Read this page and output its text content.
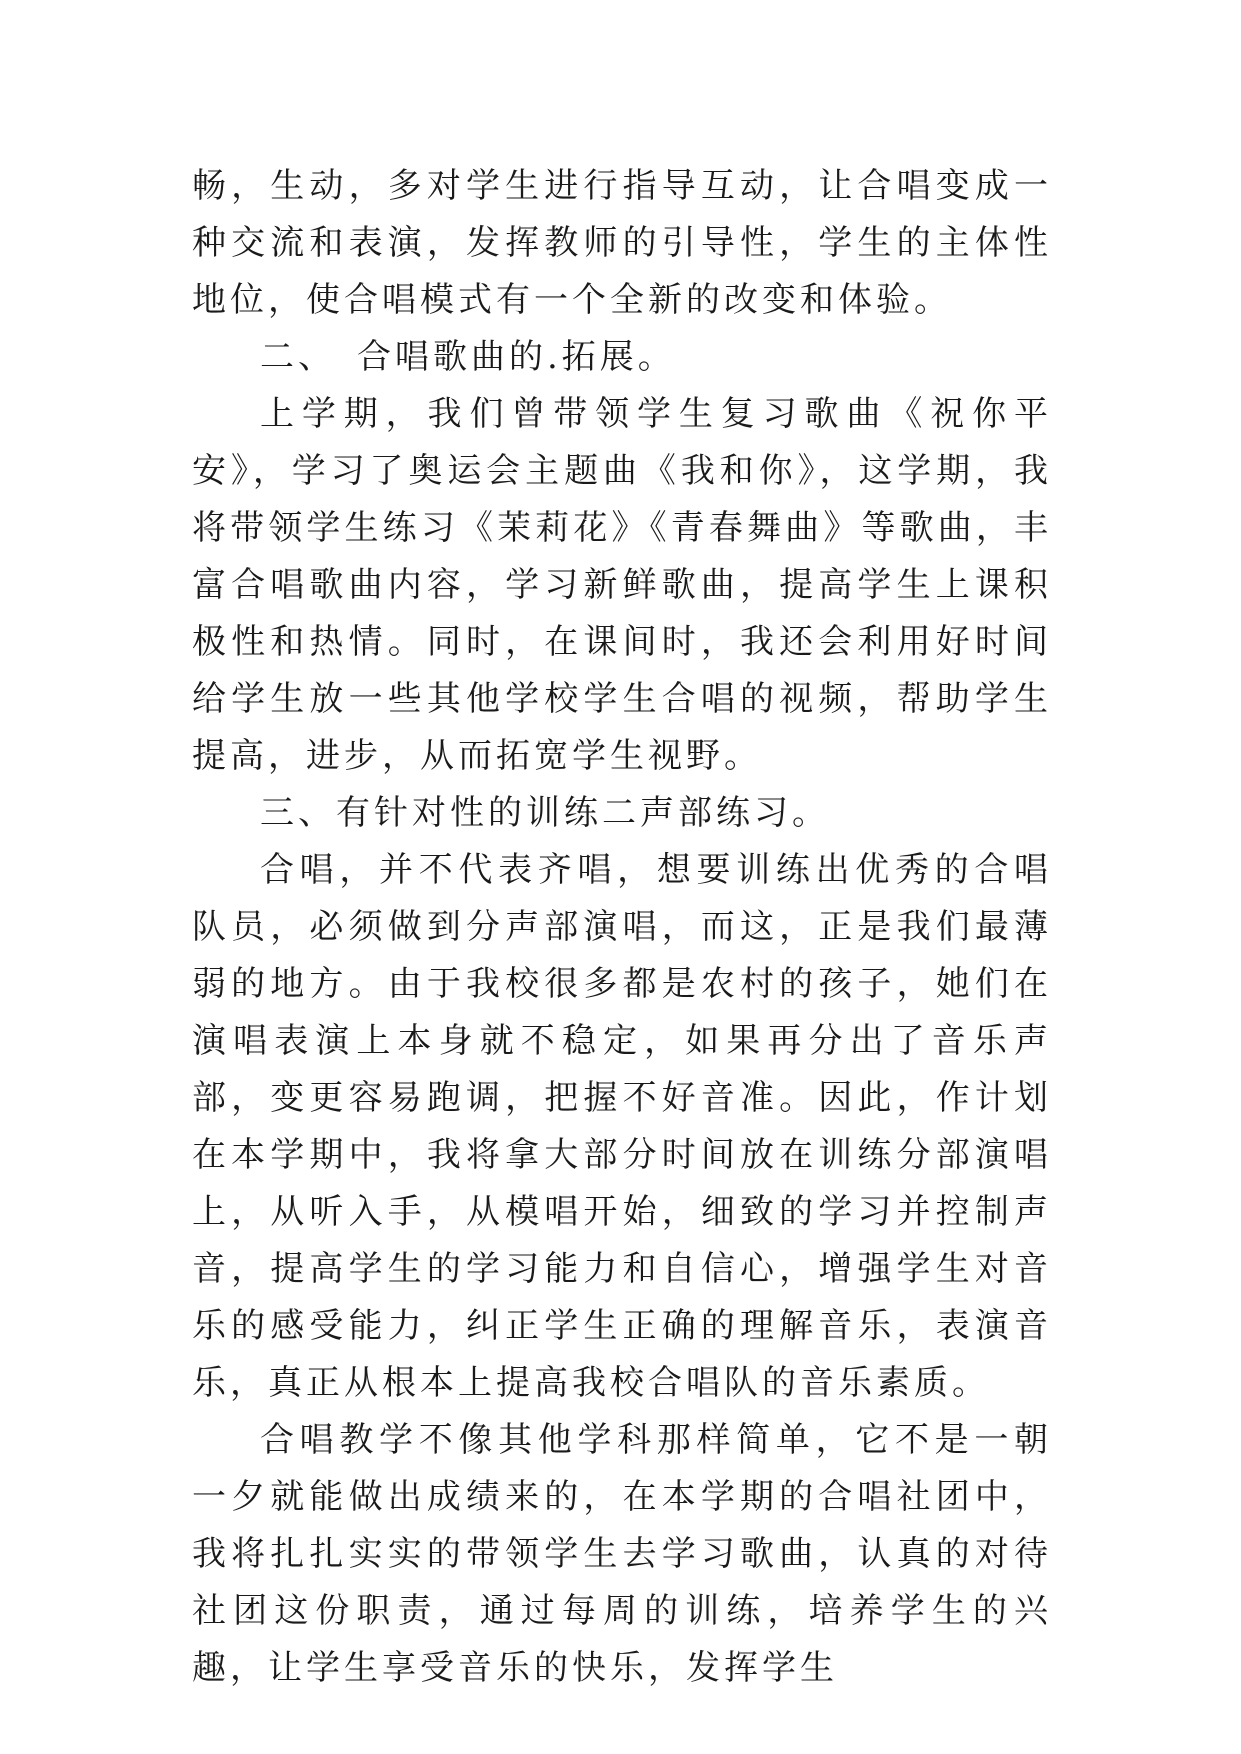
畅，生动，多对学生进行指导互动，让合唱变成一种交流和表演，发挥教师的引导性，学生的主体性地位，使合唱模式有一个全新的改变和体验。

二、　合唱歌曲的.拓展。

上学期，我们曾带领学生复习歌曲《祝你平安》，学习了奥运会主题曲《我和你》，这学期，我将带领学生练习《茉莉花》《青春舞曲》等歌曲，丰富合唱歌曲内容，学习新鲜歌曲，提高学生上课积极性和热情。同时，在课间时，我还会利用好时间给学生放一些其他学校学生合唱的视频，帮助学生提高，进步，从而拓宽学生视野。

三、有针对性的训练二声部练习。

合唱，并不代表齐唱，想要训练出优秀的合唱队员，必须做到分声部演唱，而这，正是我们最薄弱的地方。由于我校很多都是农村的孩子，她们在演唱表演上本身就不稳定，如果再分出了音乐声部，变更容易跑调，把握不好音准。因此，作计划在本学期中，我将拿大部分时间放在训练分部演唱上，从听入手，从模唱开始，细致的学习并控制声音，提高学生的学习能力和自信心，增强学生对音乐的感受能力，纠正学生正确的理解音乐，表演音乐，真正从根本上提高我校合唱队的音乐素质。

合唱教学不像其他学科那样简单，它不是一朝一夕就能做出成绩来的，在本学期的合唱社团中，我将扎扎实实的带领学生去学习歌曲，认真的对待社团这份职责，通过每周的训练，培养学生的兴趣，让学生享受音乐的快乐，发挥学生
